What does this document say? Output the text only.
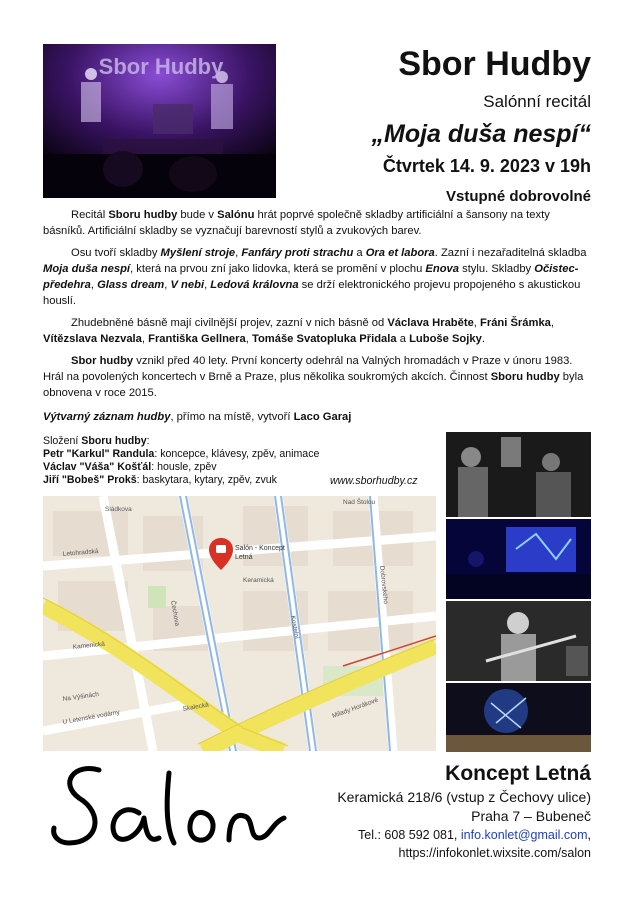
Sbor Hudby	Sbor Hudby
Salónní recitál
„Moja duša nespí“
Čtvrtek 14. 9. 2023 v 19h
Vstupné dobrovolné

Recitál Sboru hudby bude v Salónu hrát poprvé společně skladby artificiální a šansony na texty básníků. Artificiální skladby se vyznačují barevností stylů a zvukových barev.

Osu tvoří skladby Myšlení stroje, Fanfáry proti strachu a Ora et labora. Zazní i nezařaditelná skladba Moja duša nespí, která na prvou zní jako lidovka, která se promění v plochu Enova stylu. Skladby Očistec-předehra, Glass dream, V nebi, Ledová královna se drží elektronického projevu propojeného s akustickou houslí.

Zhudebněné básně mají civilnější projev, zazní v nich básně od Václava Hraběte, Fráni Šrámka, Vítězslava Nezvala, Františka Gellnera, Tomáše Svatopluka Přidala a Luboše Sojky.

Sbor hudby vznikl před 40 lety. První koncerty odehrál na Valných hromadách v Praze v únoru 1983. Hrál na povolených koncertech v Brně a Praze, plus několika soukromých akcích. Činnost Sboru hudby byla obnovena v roce 2015.

Výtvarný záznam hudby, přímo na místě, vytvoří Laco Garaj

Složení Sboru hudby:
Petr "Karkul" Randula: koncepce, klávesy, zpěv, animace
Václav "Váša" Košťál: housle, zpěv
Jiří "Bobeš" Prokš: baskytara, kytary, zpěv, zvuk	www.sborhudby.cz
Sládkova
Letohradská
Čechova
Keramická
Kamenická
Nad Štolou
Dobrovského
U Letenské vodárny	Milady Horákové
Na Výšinách
Skalecká
Kostelní
Salón - Koncept
Letná
Koncept Letná
Keramická 218/6 (vstup z Čechovy ulice)
Praha 7 – Bubeneč
Tel.: 608 592 081, info.konlet@gmail.com,
https://infokonlet.wixsite.com/salon
